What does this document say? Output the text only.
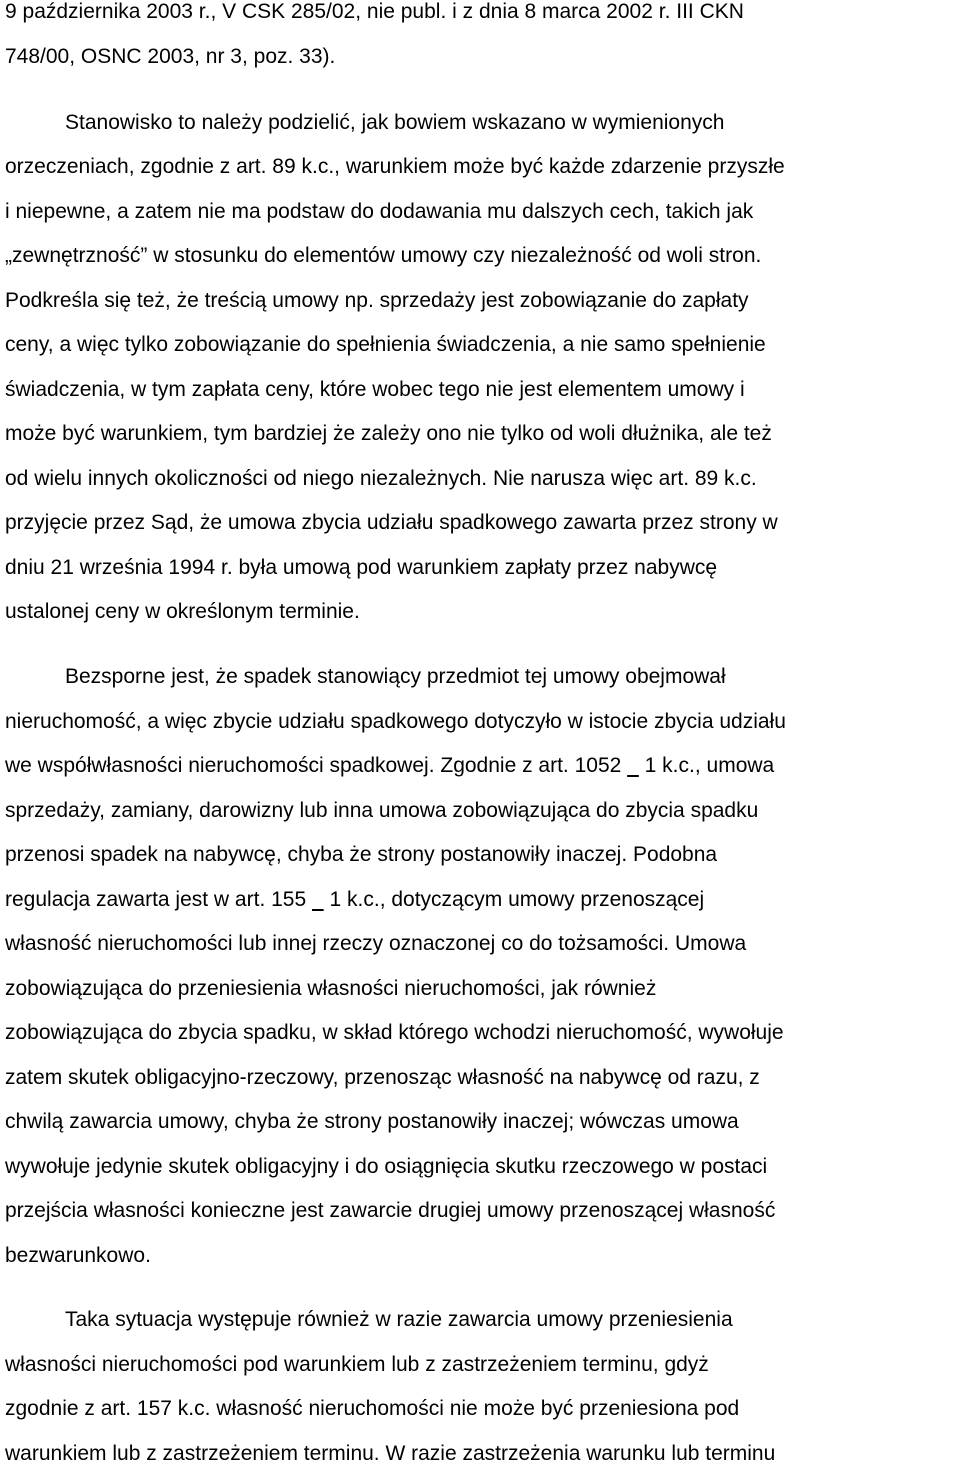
9 października 2003 r., V CSK 285/02, nie publ. i z dnia 8 marca 2002 r. III CKN
748/00, OSNC 2003, nr 3, poz. 33).
Stanowisko to należy podzielić, jak bowiem wskazano w wymienionych
orzeczeniach, zgodnie z art. 89 k.c., warunkiem może być każde zdarzenie przyszłe
i niepewne, a zatem nie ma podstaw do dodawania mu dalszych cech, takich jak
„zewnętrzność” w stosunku do elementów umowy czy niezależność od woli stron.
Podkreśla się też, że treścią umowy np. sprzedaży jest zobowiązanie do zapłaty
ceny, a więc tylko zobowiązanie do spełnienia świadczenia, a nie samo spełnienie
świadczenia, w tym zapłata ceny, które wobec tego nie jest elementem umowy i
może być warunkiem, tym bardziej że zależy ono nie tylko od woli dłużnika, ale też
od wielu innych okoliczności od niego niezależnych. Nie narusza więc art. 89 k.c.
przyjęcie przez Sąd, że umowa zbycia udziału spadkowego zawarta przez strony w
dniu 21 września 1994 r. była umową pod warunkiem zapłaty przez nabywcę
ustalonej ceny w określonym terminie.
Bezsporne jest, że spadek stanowiący przedmiot tej umowy obejmował
nieruchomość, a więc zbycie udziału spadkowego dotyczyło w istocie zbycia udziału
we współwłasności nieruchomości spadkowej. Zgodnie z art. 1052 1 k.c., umowa
sprzedaży, zamiany, darowizny lub inna umowa zobowiązująca do zbycia spadku
przenosi spadek na nabywcę, chyba że strony postanowiły inaczej. Podobna
regulacja zawarta jest w art. 155 1 k.c., dotyczącym umowy przenoszącej
własność nieruchomości lub innej rzeczy oznaczonej co do tożsamości. Umowa
zobowiązująca do przeniesienia własności nieruchomości, jak również
zobowiązująca do zbycia spadku, w skład którego wchodzi nieruchomość, wywołuje
zatem skutek obligacyjno-rzeczowy, przenosząc własność na nabywcę od razu, z
chwilą zawarcia umowy, chyba że strony postanowiły inaczej; wówczas umowa
wywołuje jedynie skutek obligacyjny i do osiągnięcia skutku rzeczowego w postaci
przejścia własności konieczne jest zawarcie drugiej umowy przenoszącej własność
bezwarunkowo.
Taka sytuacja występuje również w razie zawarcia umowy przeniesienia
własności nieruchomości pod warunkiem lub z zastrzeżeniem terminu, gdyż
zgodnie z art. 157 k.c. własność nieruchomości nie może być przeniesiona pod
warunkiem lub z zastrzeżeniem terminu. W razie zastrzeżenia warunku lub terminu
